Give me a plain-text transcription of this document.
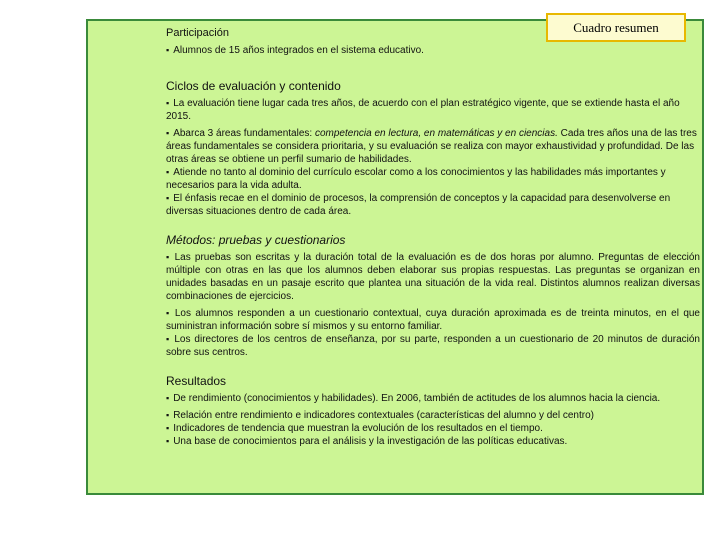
Cuadro resumen

Participación

▪ Alumnos de 15 años integrados en el sistema educativo.

Ciclos de evaluación y contenido

▪ La evaluación tiene lugar cada tres años, de acuerdo con el plan estratégico vigente, que se extiende hasta el año 2015.

▪ Abarca 3 áreas fundamentales: competencia en lectura, en matemáticas y en ciencias. Cada tres años una de las tres áreas fundamentales se considera prioritaria, y su evaluación se realiza con mayor exhaustividad y profundidad. De las otras áreas se obtiene un perfil sumario de habilidades.

▪ Atiende no tanto al dominio del currículo escolar como a los conocimientos y las habilidades más importantes y necesarios para la vida adulta.

▪ El énfasis recae en el dominio de procesos, la comprensión de conceptos y la capacidad para desenvolverse en diversas situaciones dentro de cada área.

Métodos: pruebas y cuestionarios

▪ Las pruebas son escritas y la duración total de la evaluación es de dos horas por alumno. Preguntas de elección múltiple con otras en las que los alumnos deben elaborar sus propias respuestas. Las preguntas se organizan en unidades basadas en un pasaje escrito que plantea una situación de la vida real. Distintos alumnos realizan diversas combinaciones de ejercicios.

▪ Los alumnos responden a un cuestionario contextual, cuya duración aproximada es de treinta minutos, en el que suministran información sobre sí mismos y su entorno familiar.

▪ Los directores de los centros de enseñanza, por su parte, responden a un cuestionario de 20 minutos de duración sobre sus centros.

Resultados

▪ De rendimiento (conocimientos y habilidades). En 2006, también de actitudes de los alumnos hacia la ciencia.

▪ Relación entre rendimiento e indicadores contextuales (características del alumno y del centro)

▪ Indicadores de tendencia que muestran la evolución de los resultados en el tiempo.

▪ Una base de conocimientos para el análisis y la investigación de las políticas educativas.
